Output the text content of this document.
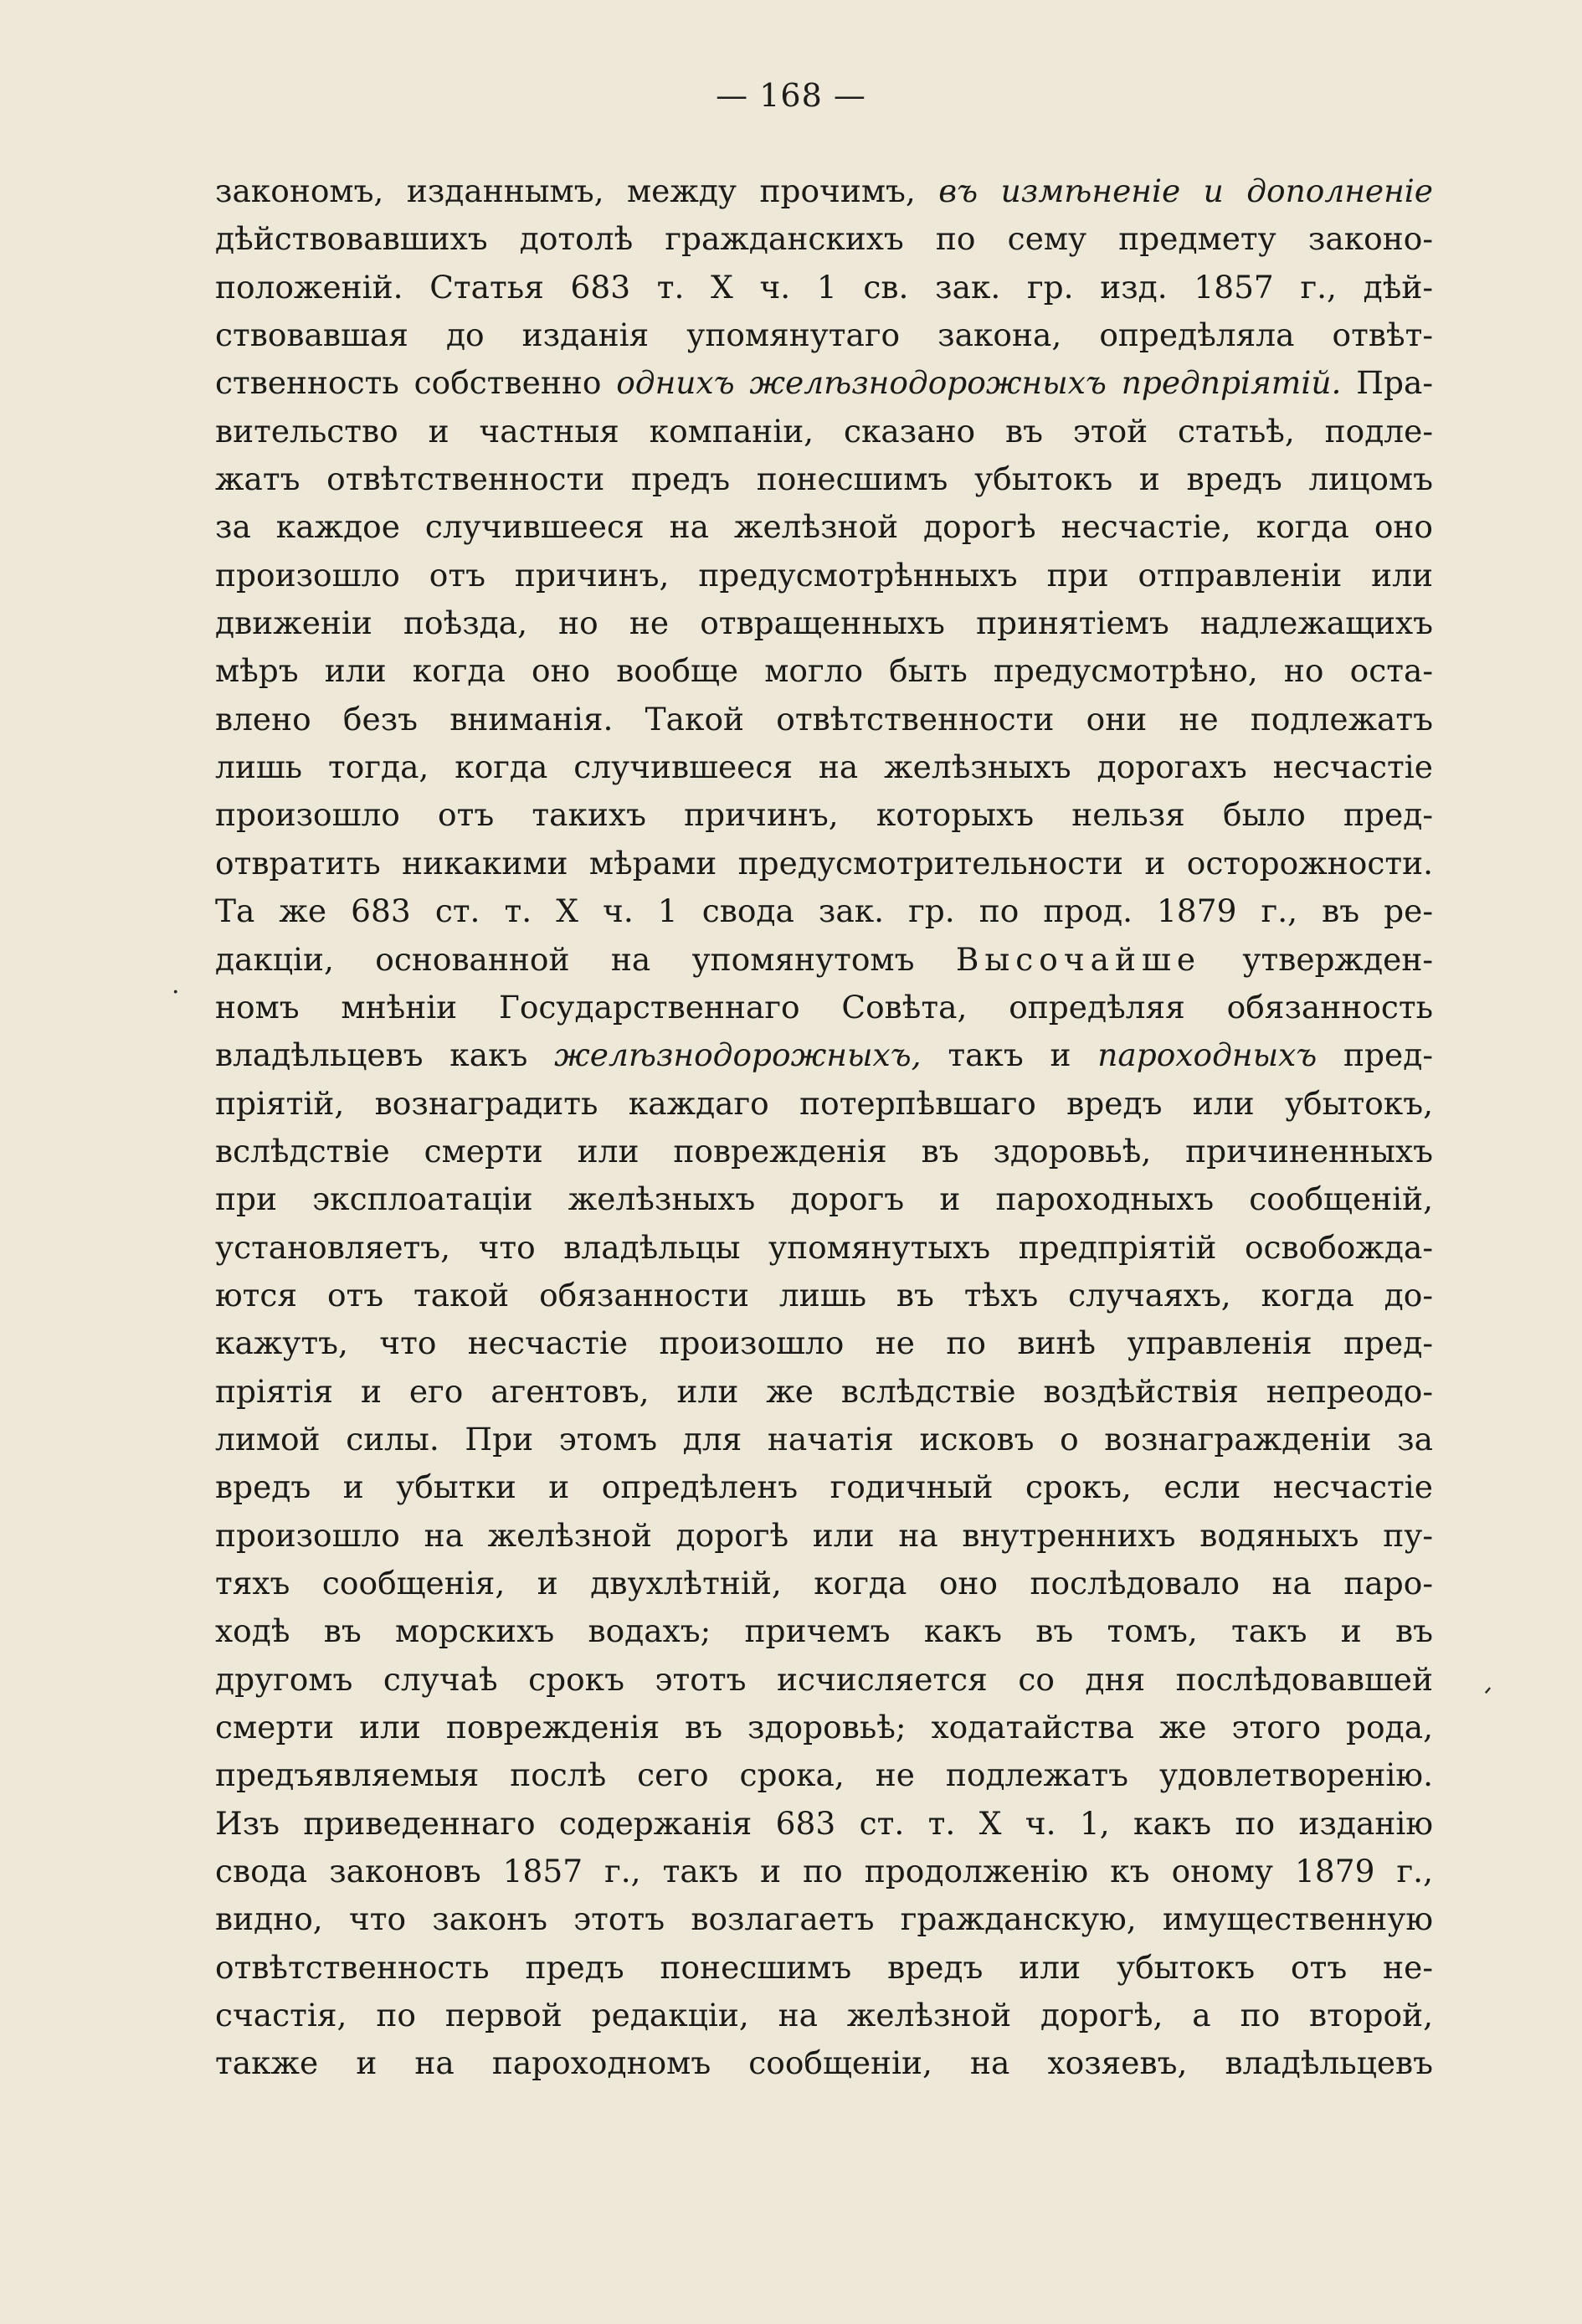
— 168 —
закономъ, изданнымъ, между прочимъ, въ измѣненіе и дополненіе
дѣйствовавшихъ дотолѣ гражданскихъ по сему предмету законо-
положеній. Статья 683 т. X ч. 1 св. зак. гр. изд. 1857 г., дѣй-
ствовавшая до изданія упомянутаго закона, опредѣляла отвѣт-
ственность собственно однихъ желѣзнодорожныхъ предпріятій. Пра-
вительство и частныя компаніи, сказано въ этой статьѣ, подле-
жатъ отвѣтственности предъ понесшимъ убытокъ и вредъ лицомъ
за каждое случившееся на желѣзной дорогѣ несчастіе, когда оно
произошло отъ причинъ, предусмотрѣнныхъ при отправленіи или
движеніи поѣзда, но не отвращенныхъ принятіемъ надлежащихъ
мѣръ или когда оно вообще могло быть предусмотрѣно, но оста-
влено безъ вниманія. Такой отвѣтственности они не подлежатъ
лишь тогда, когда случившееся на желѣзныхъ дорогахъ несчастіе
произошло отъ такихъ причинъ, которыхъ нельзя было пред-
отвратить никакими мѣрами предусмотрительности и осторожности.
Та же 683 ст. т. X ч. 1 свода зак. гр. по прод. 1879 г., въ ре-
дакціи, основанной на упомянутомъ Высочайше утвержден-
номъ мнѣніи Государственнаго Совѣта, опредѣляя обязанность
владѣльцевъ какъ желѣзнодорожныхъ, такъ и пароходныхъ пред-
пріятій, вознаградить каждаго потерпѣвшаго вредъ или убытокъ,
вслѣдствіе смерти или поврежденія въ здоровьѣ, причиненныхъ
при эксплоатаціи желѣзныхъ дорогъ и пароходныхъ сообщеній,
установляетъ, что владѣльцы упомянутыхъ предпріятій освобожда-
ются отъ такой обязанности лишь въ тѣхъ случаяхъ, когда до-
кажутъ, что несчастіе произошло не по винѣ управленія пред-
пріятія и его агентовъ, или же вслѣдствіе воздѣйствія непреодо-
лимой силы. При этомъ для начатія исковъ о вознагражденіи за
вредъ и убытки и опредѣленъ годичный срокъ, если несчастіе
произошло на желѣзной дорогѣ или на внутреннихъ водяныхъ пу-
тяхъ сообщенія, и двухлѣтній, когда оно послѣдовало на паро-
ходѣ въ морскихъ водахъ; причемъ какъ въ томъ, такъ и въ
другомъ случаѣ срокъ этотъ исчисляется со дня послѣдовавшей
смерти или поврежденія въ здоровьѣ; ходатайства же этого рода,
предъявляемыя послѣ сего срока, не подлежатъ удовлетворенію.
Изъ приведеннаго содержанія 683 ст. т. X ч. 1, какъ по изданію
свода законовъ 1857 г., такъ и по продолженію къ оному 1879 г.,
видно, что законъ этотъ возлагаетъ гражданскую, имущественную
отвѣтственность предъ понесшимъ вредъ или убытокъ отъ не-
счастія, по первой редакціи, на желѣзной дорогѣ, а по второй,
также и на пароходномъ сообщеніи, на хозяевъ, владѣльцевъ
·
'
